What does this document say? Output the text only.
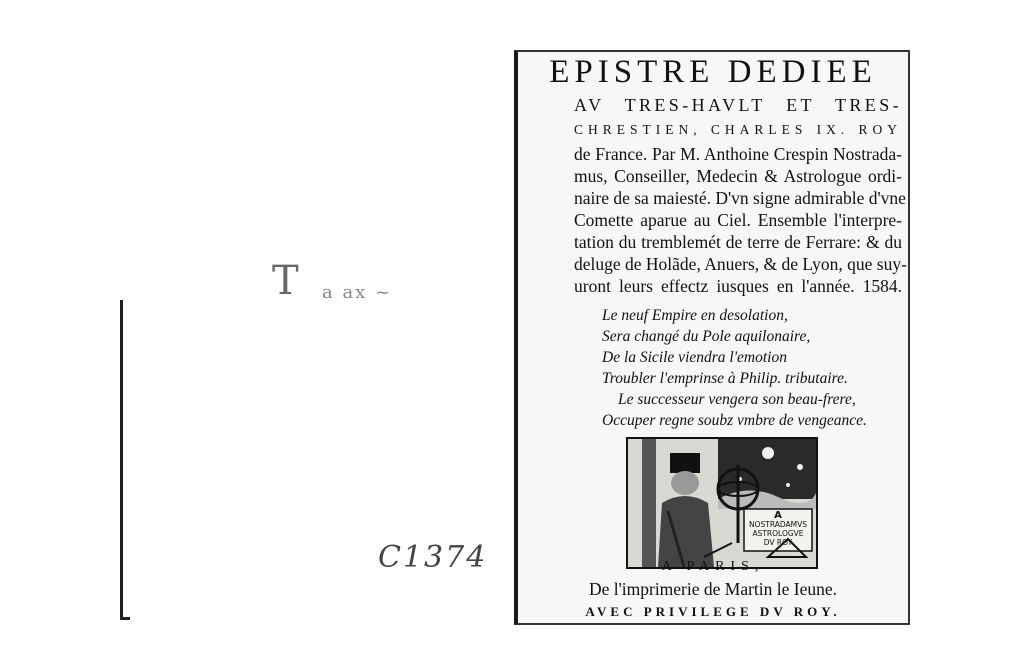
T a ax ~
C1374
EPISTRE DEDIEE
AV TRES-HAVLT ET TRES-
CHRESTIEN, CHARLES IX. ROY
de France. Par M. Anthoine Crespin Nostrada-
mus, Conseiller, Medecin & Astrologue ordi-
naire de sa maiesté. D'vn signe admirable d'vne
Comette aparue au Ciel. Ensemble l'interpre-
tation du tremblemét de terre de Ferrare: & du
deluge de Holãde, Anuers, & de Lyon, que suy-
uront leurs effectz iusques en l'année. 1584.
Le neuf Empire en desolation,
Sera changé du Pole aquilonaire,
De la Sicile viendra l'emotion
Troubler l'emprinse à Philip. tributaire.
Le successeur vengera son beau-frere,
Occuper regne soubz vmbre de vengeance.
A
NOSTRADAMVS
ASTROLOGVE
DV ROY
A PARIS,
De l'imprimerie de Martin le Ieune.
AVEC PRIVILEGE DV ROY.
